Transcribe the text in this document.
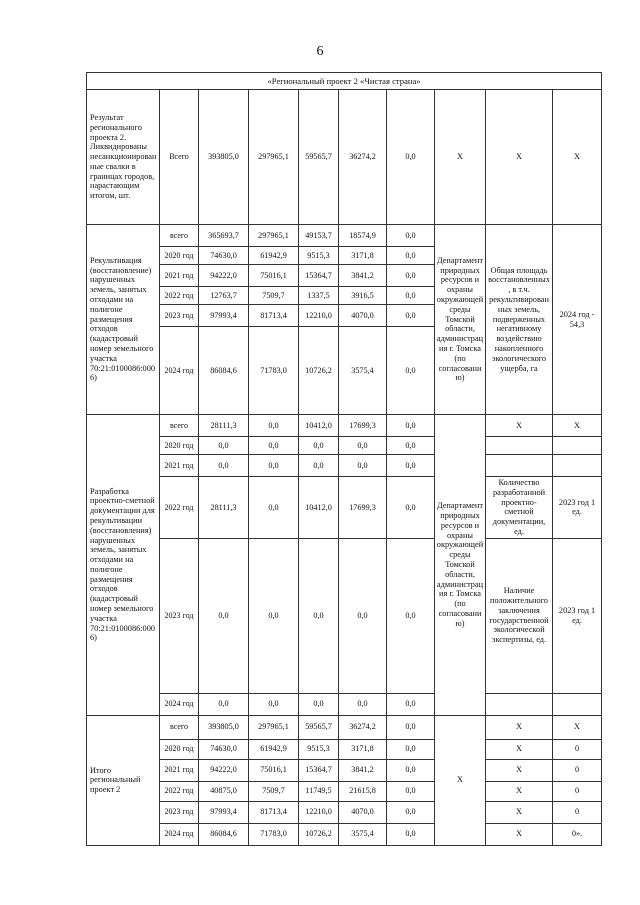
6
«Региональный проект 2 «Чистая страна»									
Результат регионального проекта 2. Ликвидированы несанкционированные свалки в границах городов, нарастающим итогом, шт.	Всего	393805,0	297965,1	59565,7	36274,2	0,0	X	X	X
Рекультивация (восстановление) нарушенных земель, занятых отходами на полигоне размещения отходов (кадастровый номер земельного участка 70:21:0100086:0006)	всего	365693,7	297965,1	49153,7	18574,9	0,0	Департамент природных ресурсов и охраны окружающей среды Томской области, администрация г. Томска (по согласованию)	Общая площадь восстановленных, в т.ч. рекультивированных земель, подверженных негативному воздействию накопленного экологического ущерба, га	2024 год - 54,3
	2020 год	74630,0	61942,9	9515,3	3171,8	0,0			
	2021 год	94222,0	75016,1	15364,7	3841,2	0,0			
	2022 год	12763,7	7509,7	1337,5	3916,5	0,0			
	2023 год	97993,4	81713,4	12210,0	4070,0	0,0			
	2024 год	86084,6	71783,0	10726,2	3575,4	0,0			
Разработка проектно-сметной документации для рекультивации (восстановления) нарушенных земель, занятых отходами на полигоне размещения отходов (кадастровый номер земельного участка 70:21:0100086:0006)	всего	28111,3	0,0	10412,0	17699,3	0,0	Департамент природных ресурсов и охраны окружающей среды Томской области, администрация г. Томска (по согласованию)	X	X
	2020 год	0,0	0,0	0,0	0,0	0,0			
	2021 год	0,0	0,0	0,0	0,0	0,0			
	2022 год	28111,3	0,0	10412,0	17699,3	0,0		Количество разработанной проектно-сметной документации, ед.	2023 год 1 ед.
	2023 год	0,0	0,0	0,0	0,0	0,0		Наличие положительного заключения государственной экологической экспертизы, ед.	2023 год 1 ед.
	2024 год	0,0	0,0	0,0	0,0	0,0			
Итого региональный проект 2	всего	393805,0	297965,1	59565,7	36274,2	0,0	X	X	X
	2020 год	74630,0	61942,9	9515,3	3171,8	0,0		X	0
	2021 год	94222,0	75016,1	15364,7	3841,2	0,0		X	0
	2022 год	40875,0	7509,7	11749,5	21615,8	0,0		X	0
	2023 год	97993,4	81713,4	12210,0	4070,0	0,0		X	0
	2024 год	86084,6	71783,0	10726,2	3575,4	0,0		X	0».
